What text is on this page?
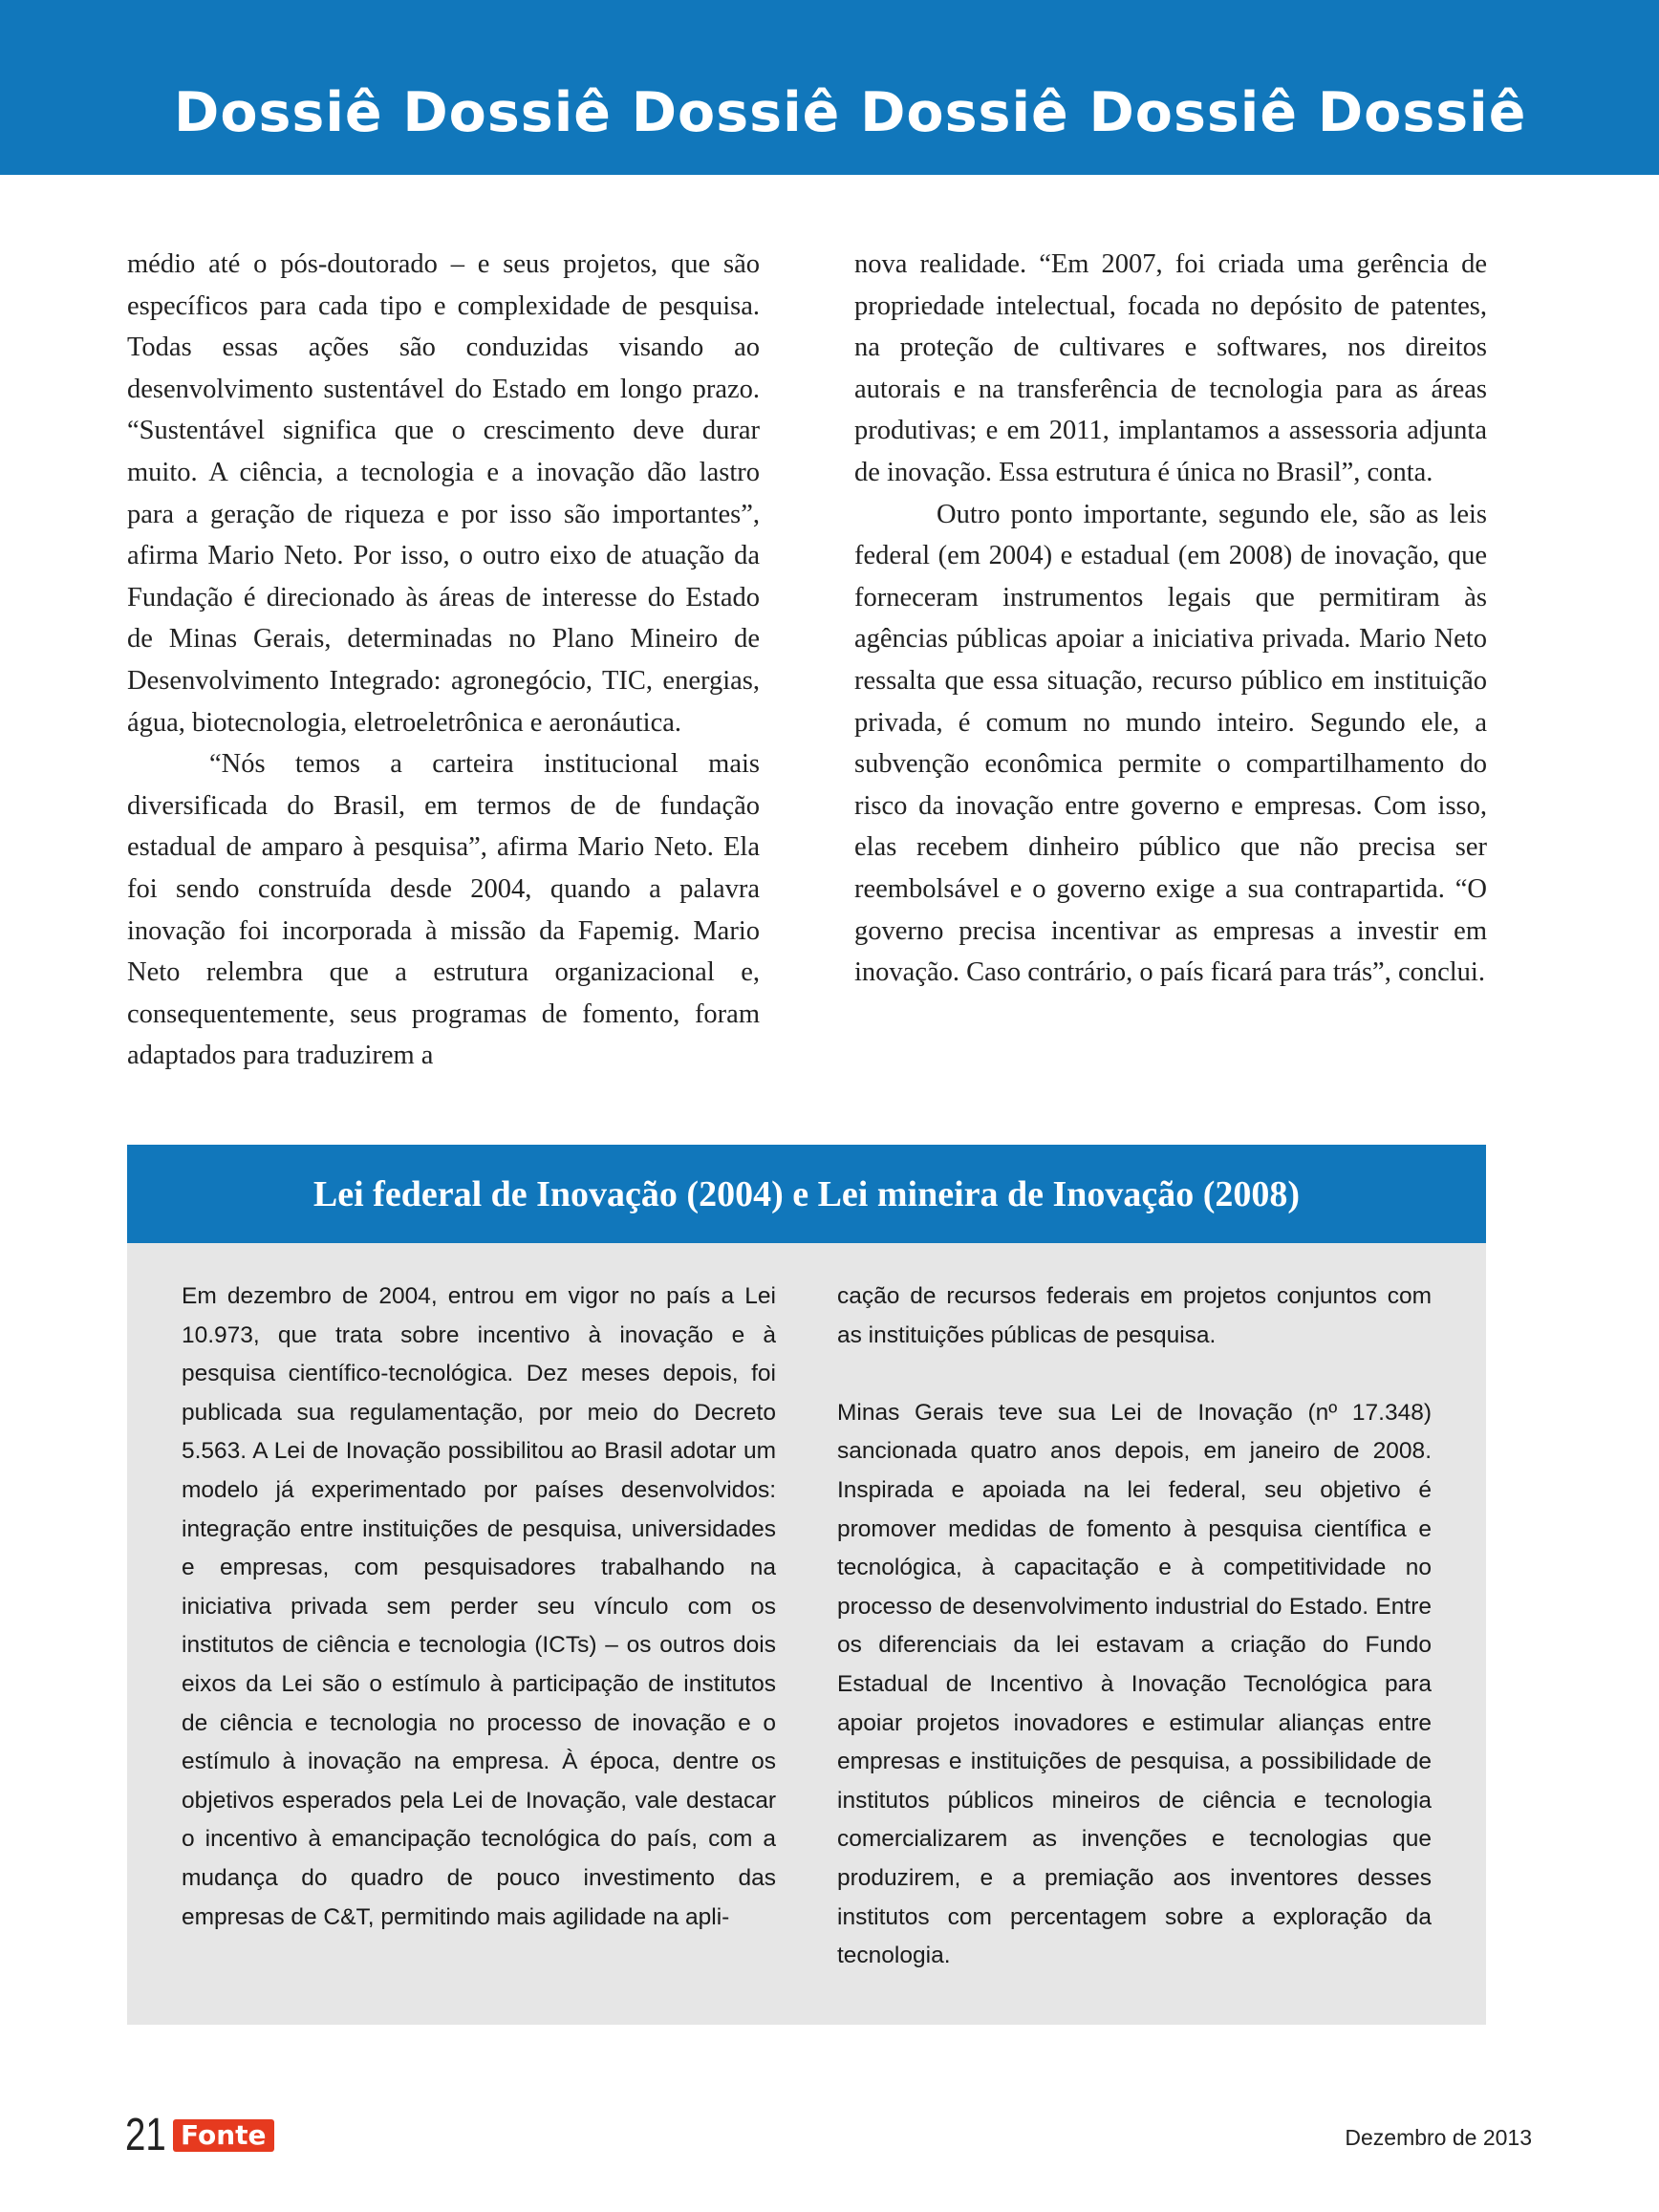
Dossiê Dossiê Dossiê Dossiê Dossiê Dossiê

médio até o pós-doutorado – e seus projetos, que são específicos para cada tipo e complexidade de pesquisa. Todas essas ações são conduzidas visando ao desenvolvimento sustentável do Estado em longo prazo. “Sustentável significa que o crescimento deve durar muito. A ciência, a tecnologia e a inovação dão lastro para a geração de riqueza e por isso são importantes”, afirma Mario Neto. Por isso, o outro eixo de atuação da Fundação é direcionado às áreas de interesse do Estado de Minas Gerais, determinadas no Plano Mineiro de Desenvolvimento Integrado: agronegócio, TIC, energias, água, biotecnologia, eletroeletrônica e aeronáutica.

“Nós temos a carteira institucional mais diversificada do Brasil, em termos de de fundação estadual de amparo à pesquisa”, afirma Mario Neto. Ela foi sendo construída desde 2004, quando a palavra inovação foi incorporada à missão da Fapemig. Mario Neto relembra que a estrutura organizacional e, consequentemente, seus programas de fomento, foram adaptados para traduzirem a

nova realidade. “Em 2007, foi criada uma gerência de propriedade intelectual, focada no depósito de patentes, na proteção de cultivares e softwares, nos direitos autorais e na transferência de tecnologia para as áreas produtivas; e em 2011, implantamos a assessoria adjunta de inovação. Essa estrutura é única no Brasil”, conta.

Outro ponto importante, segundo ele, são as leis federal (em 2004) e estadual (em 2008) de inovação, que forneceram instrumentos legais que permitiram às agências públicas apoiar a iniciativa privada. Mario Neto ressalta que essa situação, recurso público em instituição privada, é comum no mundo inteiro. Segundo ele, a subvenção econômica permite o compartilhamento do risco da inovação entre governo e empresas. Com isso, elas recebem dinheiro público que não precisa ser reembolsável e o governo exige a sua contrapartida. “O governo precisa incentivar as empresas a investir em inovação. Caso contrário, o país ficará para trás”, conclui.

Lei federal de Inovação (2004) e Lei mineira de Inovação (2008)

Em dezembro de 2004, entrou em vigor no país a Lei 10.973, que trata sobre incentivo à inovação e à pesquisa científico-tecnológica. Dez meses depois, foi publicada sua regulamentação, por meio do Decreto 5.563. A Lei de Inovação possibilitou ao Brasil adotar um modelo já experimentado por países desenvolvidos: integração entre instituições de pesquisa, universidades e empresas, com pesquisadores trabalhando na iniciativa privada sem perder seu vínculo com os institutos de ciência e tecnologia (ICTs) – os outros dois eixos da Lei são o estímulo à participação de institutos de ciência e tecnologia no processo de inovação e o estímulo à inovação na empresa. À época, dentre os objetivos esperados pela Lei de Inovação, vale destacar o incentivo à emancipação tecnológica do país, com a mudança do quadro de pouco investimento das empresas de C&T, permitindo mais agilidade na apli-

cação de recursos federais em projetos conjuntos com as instituições públicas de pesquisa.

Minas Gerais teve sua Lei de Inovação (nº 17.348) sancionada quatro anos depois, em janeiro de 2008. Inspirada e apoiada na lei federal, seu objetivo é promover medidas de fomento à pesquisa científica e tecnológica, à capacitação e à competitividade no processo de desenvolvimento industrial do Estado. Entre os diferenciais da lei estavam a criação do Fundo Estadual de Incentivo à Inovação Tecnológica para apoiar projetos inovadores e estimular alianças entre empresas e instituições de pesquisa, a possibilidade de institutos públicos mineiros de ciência e tecnologia comercializarem as invenções e tecnologias que produzirem, e a premiação aos inventores desses institutos com percentagem sobre a exploração da tecnologia.

21 Fonte	Dezembro de 2013
